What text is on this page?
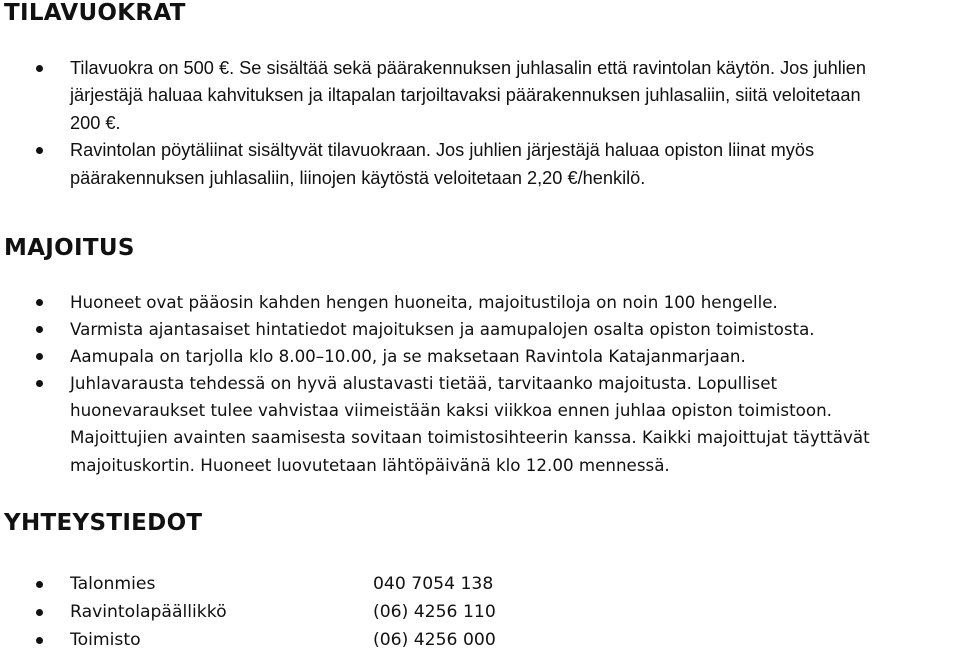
TILAVUOKRAT
Tilavuokra on 500 €. Se sisältää sekä päärakennuksen juhlasalin että ravintolan käytön. Jos juhlien
järjestäjä haluaa kahvituksen ja iltapalan tarjoiltavaksi päärakennuksen juhlasaliin, siitä veloitetaan
200 €.
Ravintolan pöytäliinat sisältyvät tilavuokraan. Jos juhlien järjestäjä haluaa opiston liinat myös
päärakennuksen juhlasaliin, liinojen käytöstä veloitetaan 2,20 €/henkilö.
MAJOITUS
Huoneet ovat pääosin kahden hengen huoneita, majoitustiloja on noin 100 hengelle.
Varmista ajantasaiset hintatiedot majoituksen ja aamupalojen osalta opiston toimistosta.
Aamupala on tarjolla klo 8.00–10.00, ja se maksetaan Ravintola Katajanmarjaan.
Juhlavarausta tehdessä on hyvä alustavasti tietää, tarvitaanko majoitusta. Lopulliset
huonevaraukset tulee vahvistaa viimeistään kaksi viikkoa ennen juhlaa opiston toimistoon.
Majoittujien avainten saamisesta sovitaan toimistosihteerin kanssa. Kaikki majoittujat täyttävät
majoituskortin. Huoneet luovutetaan lähtöpäivänä klo 12.00 mennessä.
YHTEYSTIEDOT
Talonmies	040 7054 138
Ravintolapäällikkö	(06) 4256 110
Toimisto	(06) 4256 000
